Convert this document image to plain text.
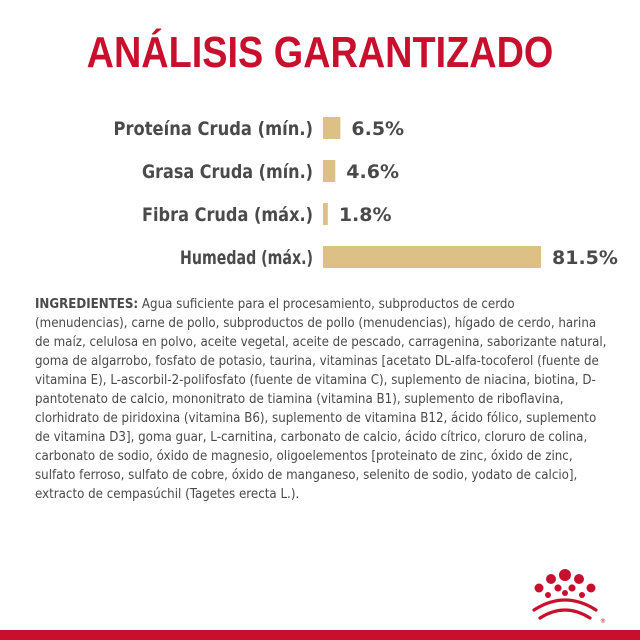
ANÁLISIS GARANTIZADO
Proteína Cruda (mín.) 6.5%
Grasa Cruda (mín.) 4.6%
Fibra Cruda (máx.) 1.8%
Humedad (máx.)	81.5%
INGREDIENTES: Agua suficiente para el procesamiento, subproductos de cerdo (menudencias), carne de pollo, subproductos de pollo (menudencias), hígado de cerdo, harina de maíz, celulosa en polvo, aceite vegetal, aceite de pescado, carragenina, saborizante natural, goma de algarrobo, fosfato de potasio, taurina, vitaminas [acetato DL-alfa-tocoferol (fuente de vitamina E), L-ascorbil-2-polifosfato (fuente de vitamina C), suplemento de niacina, biotina, D-pantotenato de calcio, mononitrato de tiamina (vitamina B1), suplemento de riboflavina, clorhidrato de piridoxina (vitamina B6), suplemento de vitamina B12, ácido fólico, suplemento de vitamina D3], goma guar, L-carnitina, carbonato de calcio, ácido cítrico, cloruro de colina, carbonato de sodio, óxido de magnesio, oligoelementos [proteinato de zinc, óxido de zinc, sulfato ferroso, sulfato de cobre, óxido de manganeso, selenito de sodio, yodato de calcio], extracto de cempasúchil (Tagetes erecta L.).
®
